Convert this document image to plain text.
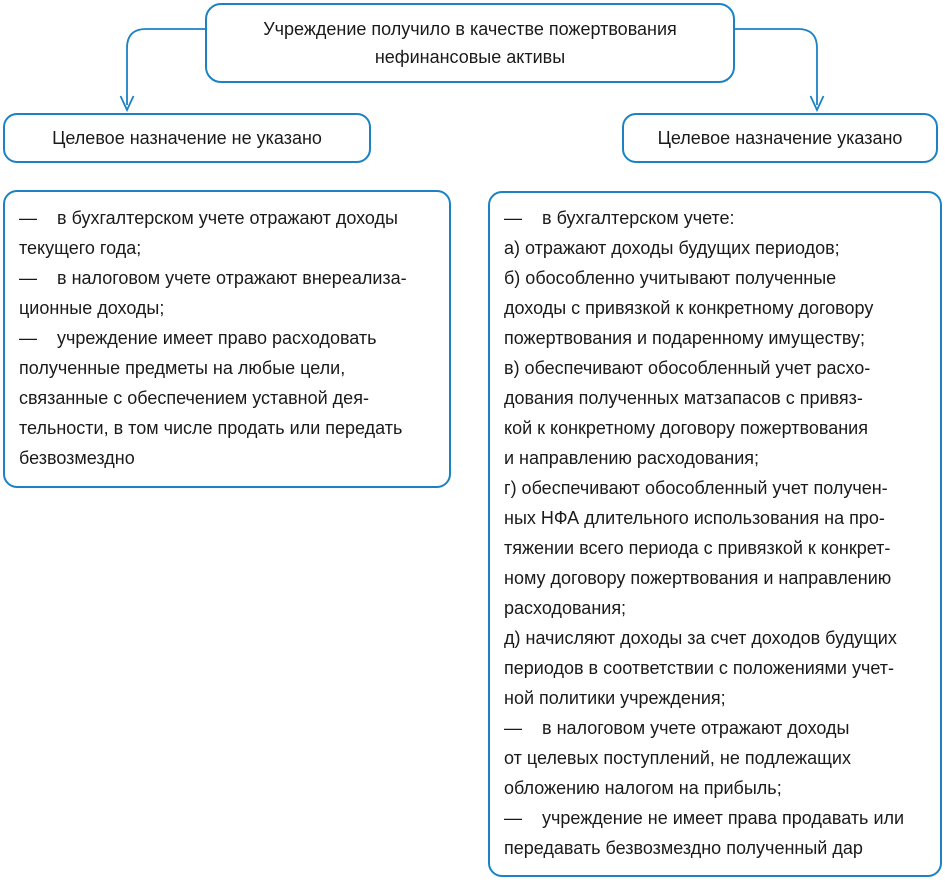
Учреждение получило в качестве пожертвования
нефинансовые активы
Целевое назначение не указано	Целевое назначение указано
—    в бухгалтерском учете отражают доходы
текущего года;
—    в налоговом учете отражают внереализа-
ционные доходы;
—    учреждение имеет право расходовать
полученные предметы на любые цели,
связанные с обеспечением уставной дея-
тельности, в том числе продать или передать
безвозмездно
—    в бухгалтерском учете:
а) отражают доходы будущих периодов;
б) обособленно учитывают полученные
доходы с привязкой к конкретному договору
пожертвования и подаренному имуществу;
в) обеспечивают обособленный учет расхо-
дования полученных матзапасов с привяз-
кой к конкретному договору пожертвования
и направлению расходования;
г) обеспечивают обособленный учет получен-
ных НФА длительного использования на про-
тяжении всего периода с привязкой к конкрет-
ному договору пожертвования и направлению
расходования;
д) начисляют доходы за счет доходов будущих
периодов в соответствии с положениями учет-
ной политики учреждения;
—    в налоговом учете отражают доходы
от целевых поступлений, не подлежащих
обложению налогом на прибыль;
—    учреждение не имеет права продавать или
передавать безвозмездно полученный дар
